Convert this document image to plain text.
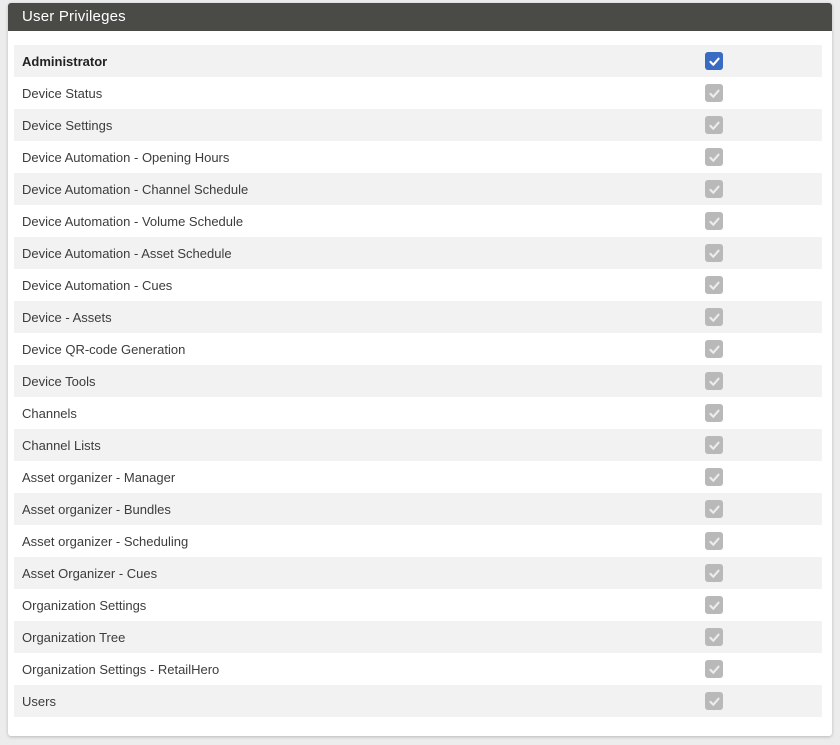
User Privileges
Administrator
Device Status
Device Settings
Device Automation - Opening Hours
Device Automation - Channel Schedule
Device Automation - Volume Schedule
Device Automation - Asset Schedule
Device Automation - Cues
Device - Assets
Device QR-code Generation
Device Tools
Channels
Channel Lists
Asset organizer - Manager
Asset organizer - Bundles
Asset organizer - Scheduling
Asset Organizer - Cues
Organization Settings
Organization Tree
Organization Settings - RetailHero
Users
